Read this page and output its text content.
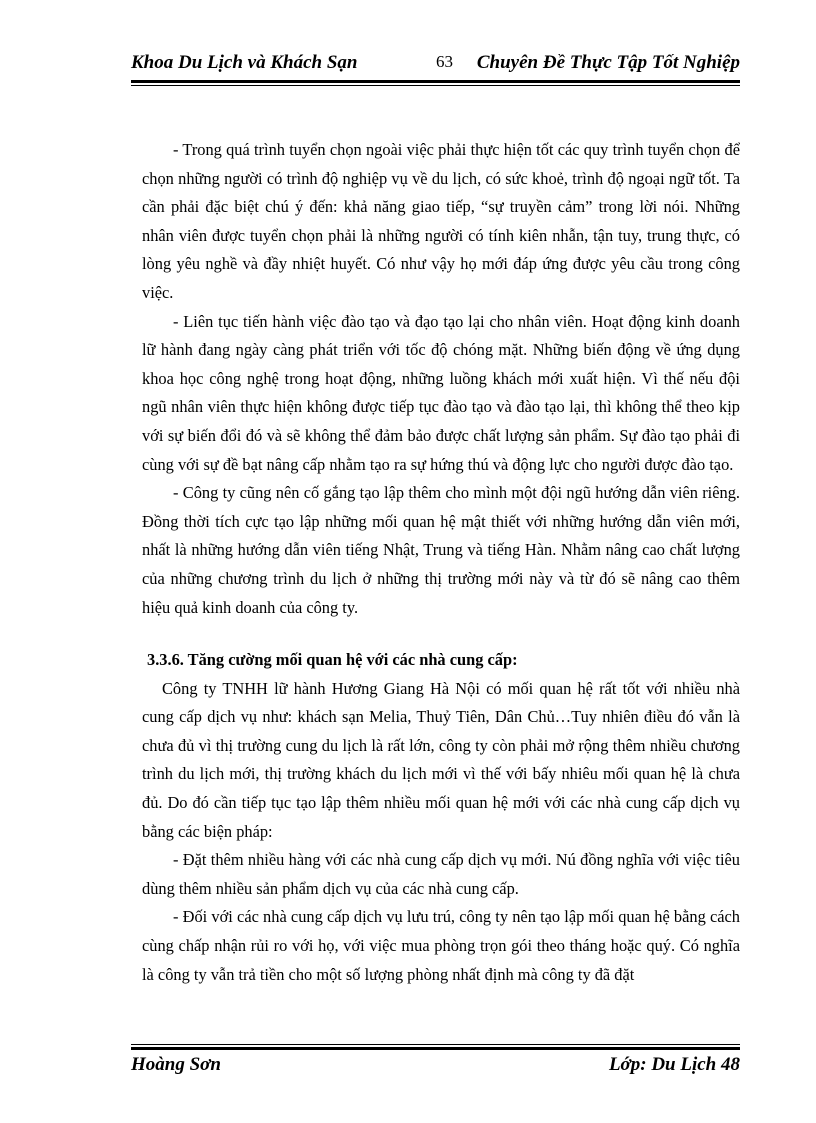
Khoa Du Lịch và Khách Sạn	63 Chuyên Đề Thực Tập Tốt Nghiệp

- Trong quá trình tuyển chọn ngoài việc phải thực hiện tốt các quy trình tuyển chọn để chọn những người có trình độ nghiệp vụ về du lịch, có sức khoẻ, trình độ ngoại ngữ tốt. Ta cần phải đặc biệt chú ý đến: khả năng giao tiếp, “sự truyền cảm” trong lời nói. Những nhân viên được tuyển chọn phải là những người có tính kiên nhẫn, tận tuy, trung thực, có lòng yêu nghề và đầy nhiệt huyết. Có như vậy họ mới đáp ứng được yêu cầu trong công việc.

- Liên tục tiến hành việc đào tạo và đạo tạo lại cho nhân viên. Hoạt động kinh doanh lữ hành đang ngày càng phát triển với tốc độ chóng mặt. Những biến động về ứng dụng khoa học công nghệ trong hoạt động, những luồng khách mới xuất hiện. Vì thế nếu đội ngũ nhân viên thực hiện không được tiếp tục đào tạo và đào tạo lại, thì không thể theo kịp với sự biến đổi đó và sẽ không thể đảm bảo được chất lượng sản phẩm. Sự đào tạo phải đi cùng với sự đề bạt nâng cấp nhằm tạo ra sự hứng thú và động lực cho người được đào tạo.

- Công ty cũng nên cố gắng tạo lập thêm cho mình một đội ngũ hướng dẫn viên riêng. Đồng thời tích cực tạo lập những mối quan hệ mật thiết với những hướng dẫn viên mới, nhất là những hướng dẫn viên tiếng Nhật, Trung và tiếng Hàn. Nhằm nâng cao chất lượng của những chương trình du lịch ở những thị trường mới này và từ đó sẽ nâng cao thêm hiệu quả kinh doanh của công ty.

3.3.6. Tăng cường mối quan hệ với các nhà cung cấp:

Công ty TNHH lữ hành Hương Giang Hà Nội có mối quan hệ rất tốt với nhiều nhà cung cấp dịch vụ như: khách sạn Melia, Thuỷ Tiên, Dân Chủ…Tuy nhiên điều đó vẫn là chưa đủ vì thị trường cung du lịch là rất lớn, công ty còn phải mở rộng thêm nhiều chương trình du lịch mới, thị trường khách du lịch mới vì thế với bấy nhiêu mối quan hệ là chưa đủ. Do đó cần tiếp tục tạo lập thêm nhiều mối quan hệ mới với các nhà cung cấp dịch vụ bằng các biện pháp:

- Đặt thêm nhiều hàng với các nhà cung cấp dịch vụ mới. Nú đồng nghĩa với việc tiêu dùng thêm nhiều sản phẩm dịch vụ của các nhà cung cấp.

- Đối với các nhà cung cấp dịch vụ lưu trú, công ty nên tạo lập mối quan hệ bằng cách cùng chấp nhận rủi ro với họ, với việc mua phòng trọn gói theo tháng hoặc quý. Có nghĩa là công ty vẫn trả tiền cho một số lượng phòng nhất định mà công ty đã đặt

Hoàng Sơn	Lớp: Du Lịch 48
